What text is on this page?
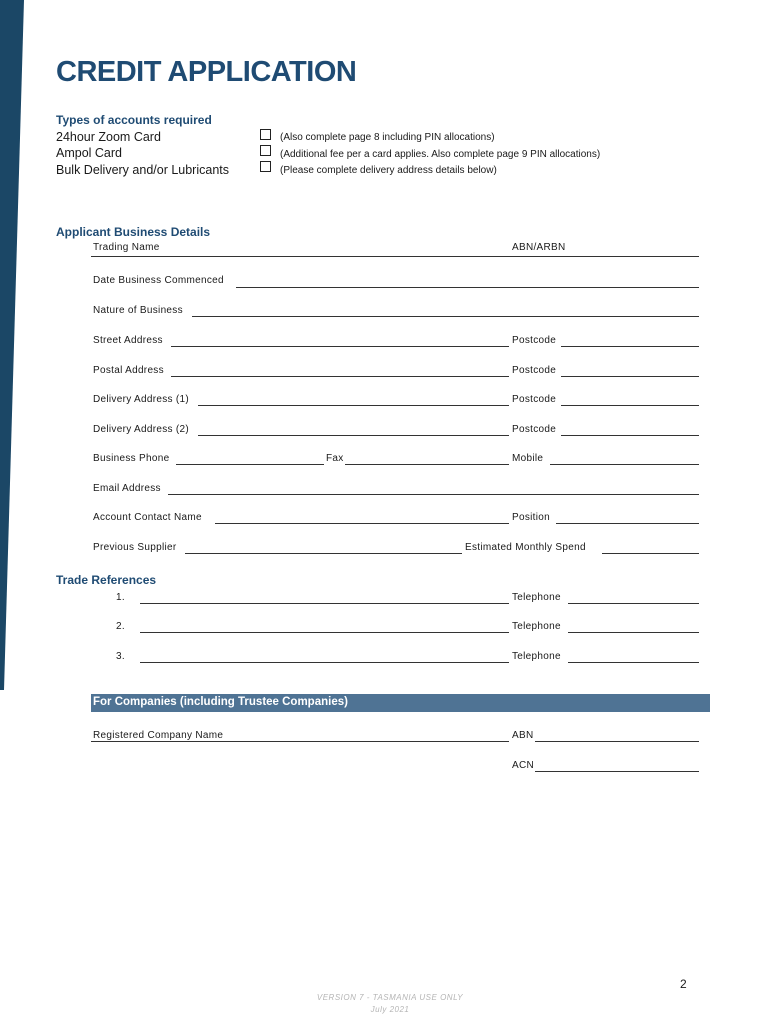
CREDIT APPLICATION
Types of accounts required
24hour Zoom Card	(Also complete page 8 including PIN allocations)
Ampol Card	(Additional fee per a card applies. Also complete page 9 PIN allocations)
Bulk Delivery and/or Lubricants	(Please complete delivery address details below)
Applicant Business Details
Trading Name	ABN/ARBN
Date Business Commenced
Nature of Business
Street Address	Postcode
Postal Address	Postcode
Delivery Address (1)	Postcode
Delivery Address (2)	Postcode
Business Phone	Fax	Mobile
Email Address
Account Contact Name	Position
Previous Supplier	Estimated Monthly Spend
Trade References
1.	Telephone
2.	Telephone
3.	Telephone
For Companies (including Trustee Companies)
Registered Company Name	ABN
ACN
2
VERSION 7 - TASMANIA USE ONLY
July 2021
